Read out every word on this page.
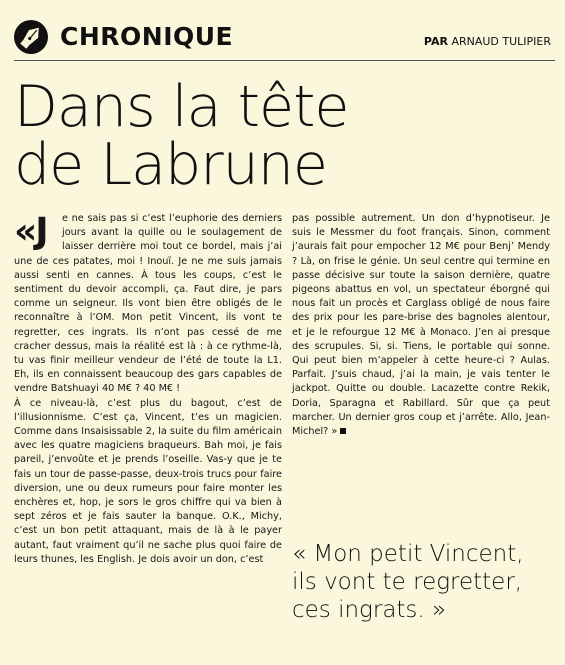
CHRONIQUE	PAR ARNAUD TULIPIER
Dans la tête
de Labrune
«J	e ne sais pas si c’est l’euphorie des derniers jours avant la quille ou le soulagement de laisser derrière moi tout ce bordel, mais j’ai une de ces patates, moi ! Inouï. Je ne me suis jamais aussi senti en cannes. À tous les coups, c’est le sentiment du devoir accompli, ça. Faut dire, je pars comme un seigneur. Ils vont bien être obligés de le reconnaître à l’OM. Mon petit Vincent, ils vont te regretter, ces ingrats. Ils n’ont pas cessé de me cracher dessus, mais la réalité est là : à ce rythme-là, tu vas finir meilleur vendeur de l’été de toute la L1. Eh, ils en connaissent beaucoup des gars capables de vendre Batshuayi 40 M€ ? 40 M€ !

À ce niveau-là, c’est plus du bagout, c’est de l’illusionnisme. C’est ça, Vincent, t’es un magicien. Comme dans Insaisissable 2, la suite du film américain avec les quatre magiciens braqueurs. Bah moi, je fais pareil, j’envoûte et je prends l’oseille. Vas-y que je te fais un tour de passe-passe, deux-trois trucs pour faire diversion, une ou deux rumeurs pour faire monter les enchères et, hop, je sors le gros chiffre qui va bien à sept zéros et je fais sauter la banque. O.K., Michy, c’est un bon petit attaquant, mais de là à le payer autant, faut vraiment qu’il ne sache plus quoi faire de leurs thunes, les English. Je dois avoir un don, c’est

pas possible autrement. Un don d’hypnotiseur. Je suis le Messmer du foot français. Sinon, comment j’aurais fait pour empocher 12 M€ pour Benj’ Mendy ? Là, on frise le génie. Un seul centre qui termine en passe décisive sur toute la saison dernière, quatre pigeons abattus en vol, un spectateur éborgné qui nous fait un procès et Carglass obligé de nous faire des prix pour les pare-brise des bagnoles alentour, et je le refourgue 12 M€ à Monaco. J’en ai presque des scrupules. Si, si. Tiens, le portable qui sonne. Qui peut bien m’appeler à cette heure-ci ? Aulas. Parfait. J’suis chaud, j’ai la main, je vais tenter le jackpot. Quitte ou double. Lacazette contre Rekik, Doria, Sparagna et Rabillard. Sûr que ça peut marcher. Un dernier gros coup et j’arrête. Allo, Jean-Michel? »

« Mon petit Vincent, ils vont te regretter, ces ingrats. »
